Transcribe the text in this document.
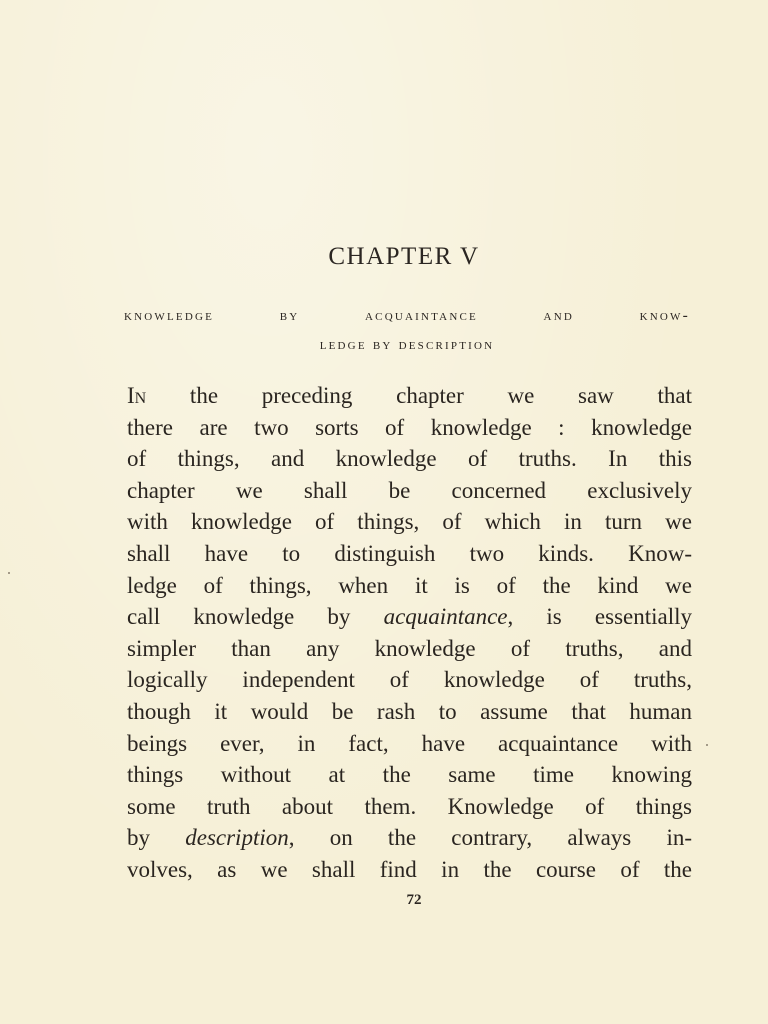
CHAPTER V
knowledge by acquaintance and know-
ledge by description
In the preceding chapter we saw that
there are two sorts of knowledge : knowledge
of things, and knowledge of truths. In this
chapter we shall be concerned exclusively
with knowledge of things, of which in turn we
shall have to distinguish two kinds. Know-
ledge of things, when it is of the kind we
call knowledge by acquaintance, is essentially
simpler than any knowledge of truths, and
logically independent of knowledge of truths,
though it would be rash to assume that human
beings ever, in fact, have acquaintance with
things without at the same time knowing
some truth about them. Knowledge of things
by description, on the contrary, always in-
volves, as we shall find in the course of the
72
